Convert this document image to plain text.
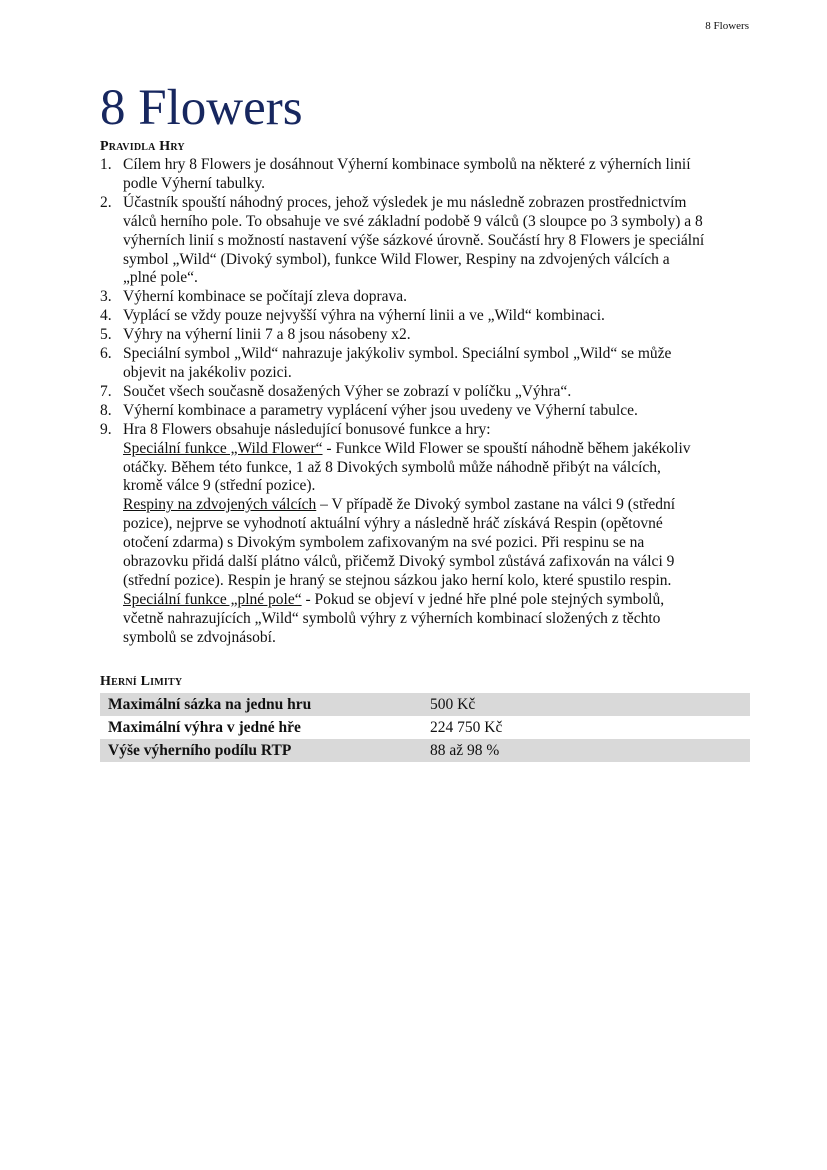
8 Flowers
8 Flowers
Pravidla Hry
1. Cílem hry 8 Flowers je dosáhnout Výherní kombinace symbolů na některé z výherních linií
podle Výherní tabulky.
2. Účastník spouští náhodný proces, jehož výsledek je mu následně zobrazen prostřednictvím
válců herního pole. To obsahuje ve své základní podobě 9 válců (3 sloupce po 3 symboly) a 8
výherních linií s možností nastavení výše sázkové úrovně. Součástí hry 8 Flowers je speciální
symbol „Wild“ (Divoký symbol), funkce Wild Flower, Respiny na zdvojených válcích a
„plné pole“.
3. Výherní kombinace se počítají zleva doprava.
4. Vyplácí se vždy pouze nejvyšší výhra na výherní linii a ve „Wild“ kombinaci.
5. Výhry na výherní linii 7 a 8 jsou násobeny x2.
6. Speciální symbol „Wild“ nahrazuje jakýkoliv symbol. Speciální symbol „Wild“ se může
objevit na jakékoliv pozici.
7. Součet všech současně dosažených Výher se zobrazí v políčku „Výhra“.
8. Výherní kombinace a parametry vyplácení výher jsou uvedeny ve Výherní tabulce.
9. Hra 8 Flowers obsahuje následující bonusové funkce a hry:
Speciální funkce „Wild Flower“ - Funkce Wild Flower se spouští náhodně během jakékoliv
otáčky. Během této funkce, 1 až 8 Divokých symbolů může náhodně přibýt na válcích,
kromě válce 9 (střední pozice).
Respiny na zdvojených válcích – V případě že Divoký symbol zastane na válci 9 (střední
pozice), nejprve se vyhodnotí aktuální výhry a následně hráč získává Respin (opětovné
otočení zdarma) s Divokým symbolem zafixovaným na své pozici. Při respinu se na
obrazovku přidá další plátno válců, přičemž Divoký symbol zůstává zafixován na válci 9
(střední pozice). Respin je hraný se stejnou sázkou jako herní kolo, které spustilo respin.
Speciální funkce „plné pole“ - Pokud se objeví v jedné hře plné pole stejných symbolů,
včetně nahrazujících „Wild“ symbolů výhry z výherních kombinací složených z těchto
symbolů se zdvojnásobí.
Herní Limity
Maximální sázka na jednu hru	500 Kč
Maximální výhra v jedné hře	224 750 Kč
Výše výherního podílu RTP	88 až 98 %
